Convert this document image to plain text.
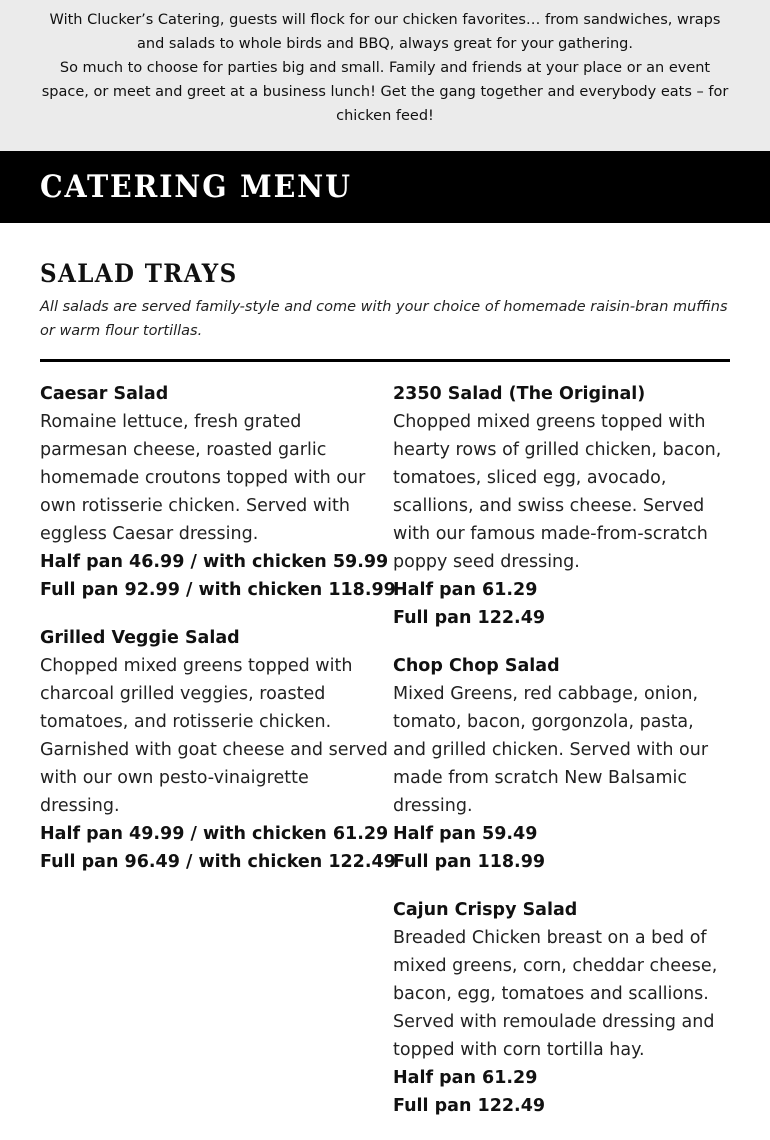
With Clucker’s Catering, guests will flock for our chicken favorites… from sandwiches, wraps and salads to whole birds and BBQ, always great for your gathering.

So much to choose for parties big and small. Family and friends at your place or an event space, or meet and greet at a business lunch! Get the gang together and everybody eats – for chicken feed!

CATERING MENU
SALAD TRAYS

All salads are served family-style and come with your choice of homemade raisin-bran muffins or warm flour tortillas.

Caesar Salad
Romaine lettuce, fresh grated parmesan cheese, roasted garlic homemade croutons topped with our own rotisserie chicken. Served with eggless Caesar dressing.
Half pan 46.99 / with chicken 59.99
Full pan 92.99 / with chicken 118.99
Grilled Veggie Salad
Chopped mixed greens topped with charcoal grilled veggies, roasted tomatoes, and rotisserie chicken. Garnished with goat cheese and served with our own pesto-vinaigrette dressing.
Half pan 49.99 / with chicken 61.29
Full pan 96.49 / with chicken 122.49
2350 Salad (The Original)
Chopped mixed greens topped with hearty rows of grilled chicken, bacon, tomatoes, sliced egg, avocado, scallions, and swiss cheese. Served with our famous made-from-scratch poppy seed dressing.
Half pan 61.29
Full pan 122.49
Chop Chop Salad
Mixed Greens, red cabbage, onion, tomato, bacon, gorgonzola, pasta, and grilled chicken. Served with our made from scratch New Balsamic dressing.
Half pan 59.49
Full pan 118.99
Cajun Crispy Salad
Breaded Chicken breast on a bed of mixed greens, corn, cheddar cheese, bacon, egg, tomatoes and scallions. Served with remoulade dressing and topped with corn tortilla hay.
Half pan 61.29
Full pan 122.49
